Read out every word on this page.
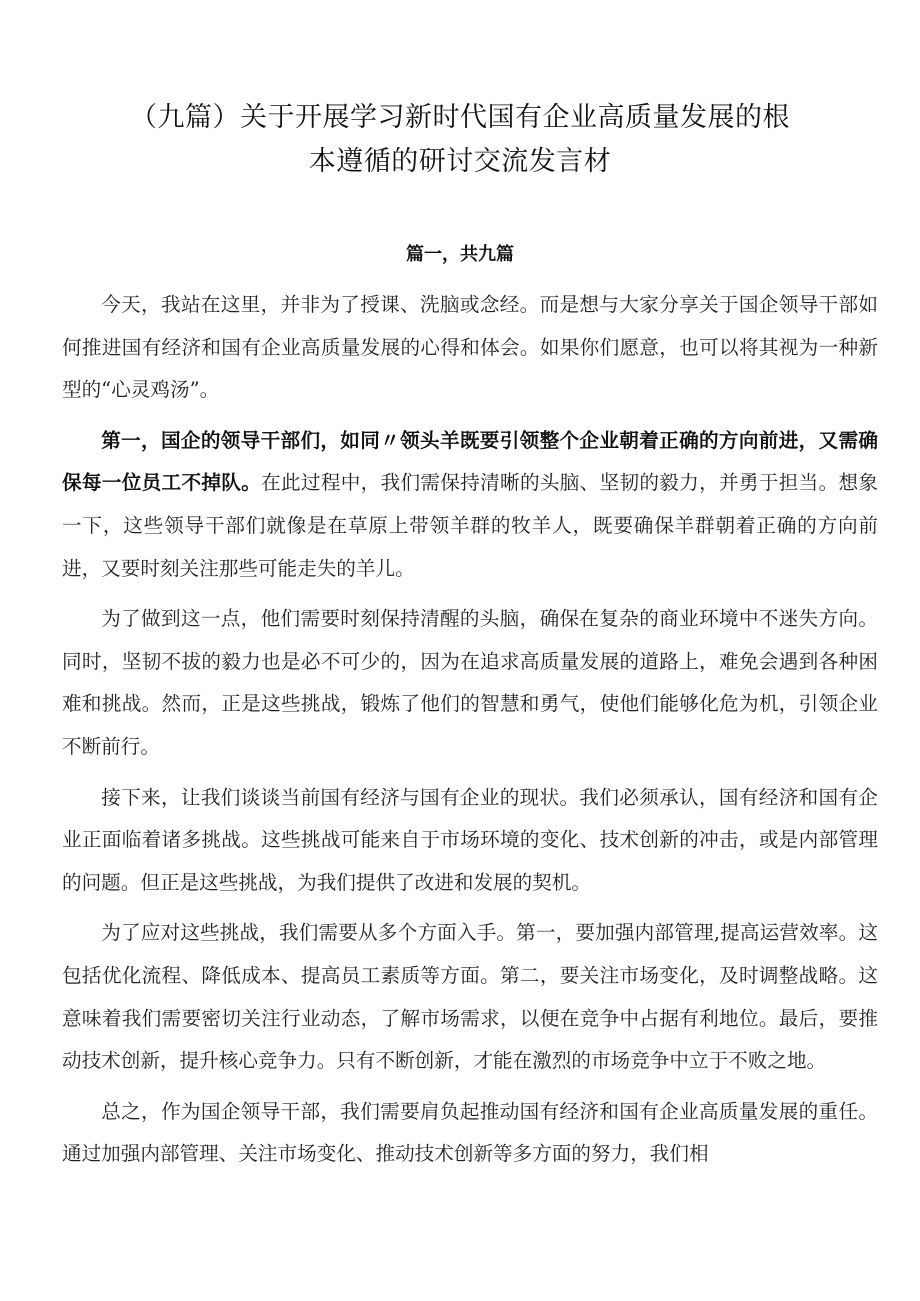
（九篇）关于开展学习新时代国有企业高质量发展的根
本遵循的研讨交流发言材
篇一，共九篇

今天，我站在这里，并非为了授课、洗脑或念经。而是想与大家分享关于国企领导干部如何推进国有经济和国有企业高质量发展的心得和体会。如果你们愿意，也可以将其视为一种新型的“心灵鸡汤”。

第一，国企的领导干部们，如同〃领头羊既要引领整个企业朝着正确的方向前进，又需确保每一位员工不掉队。在此过程中，我们需保持清晰的头脑、坚韧的毅力，并勇于担当。想象一下，这些领导干部们就像是在草原上带领羊群的牧羊人，既要确保羊群朝着正确的方向前进，又要时刻关注那些可能走失的羊儿。

为了做到这一点，他们需要时刻保持清醒的头脑，确保在复杂的商业环境中不迷失方向。同时，坚韧不拔的毅力也是必不可少的，因为在追求高质量发展的道路上，难免会遇到各种困难和挑战。然而，正是这些挑战，锻炼了他们的智慧和勇气，使他们能够化危为机，引领企业不断前行。

接下来，让我们谈谈当前国有经济与国有企业的现状。我们必须承认，国有经济和国有企业正面临着诸多挑战。这些挑战可能来自于市场环境的变化、技术创新的冲击，或是内部管理的问题。但正是这些挑战，为我们提供了改进和发展的契机。

为了应对这些挑战，我们需要从多个方面入手。第一，要加强内部管理,提高运营效率。这包括优化流程、降低成本、提高员工素质等方面。第二，要关注市场变化，及时调整战略。这意味着我们需要密切关注行业动态，了解市场需求，以便在竞争中占据有利地位。最后，要推动技术创新，提升核心竞争力。只有不断创新，才能在激烈的市场竞争中立于不败之地。

总之，作为国企领导干部，我们需要肩负起推动国有经济和国有企业高质量发展的重任。通过加强内部管理、关注市场变化、推动技术创新等多方面的努力，我们相
